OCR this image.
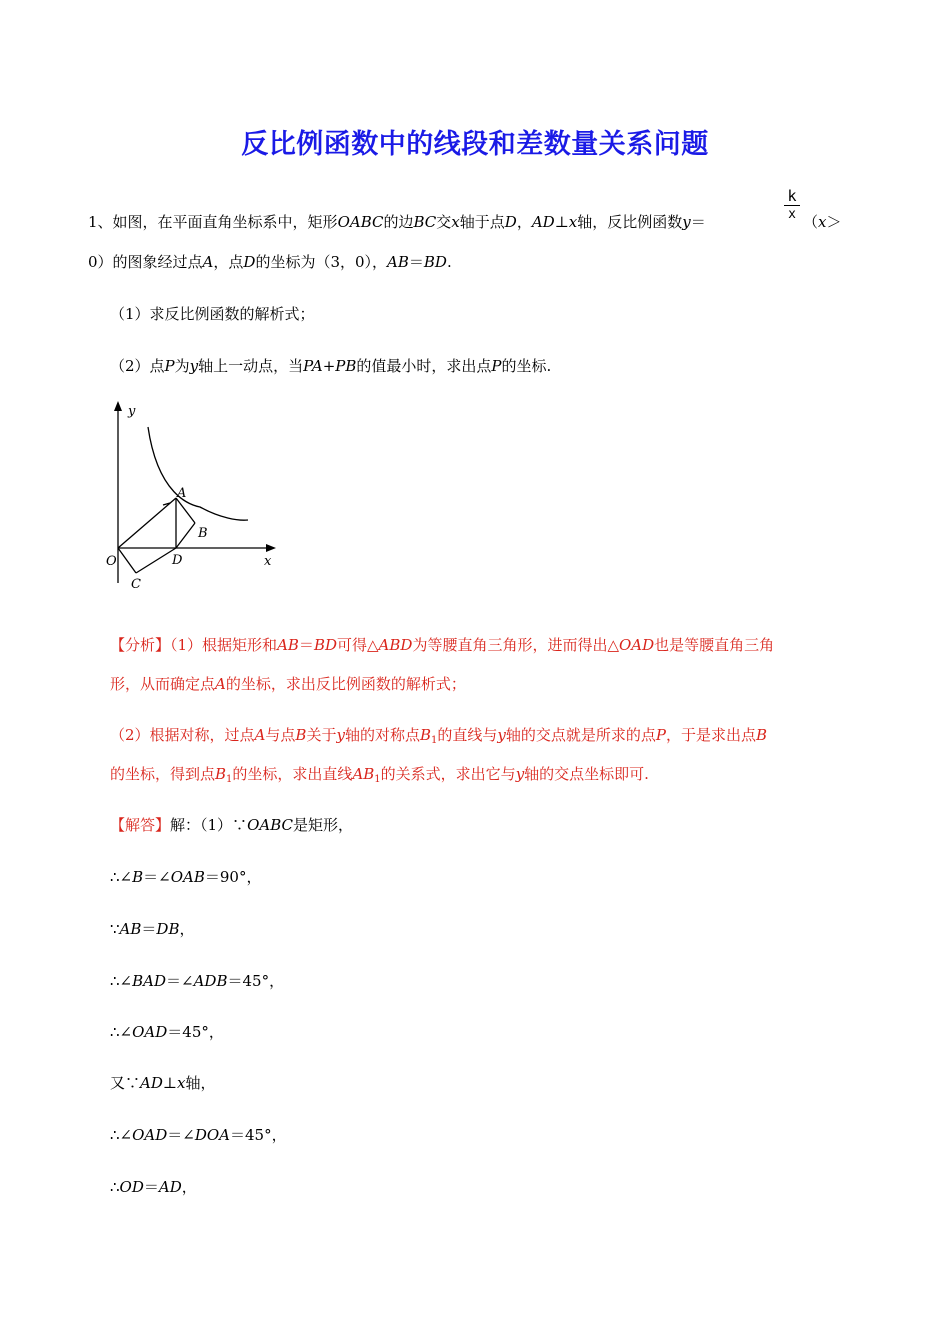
反比例函数中的线段和差数量关系问题
1、如图，在平面直角坐标系中，矩形OABC的边BC交x轴于点D，AD⊥x轴，反比例函数y＝	$\frac{k}{x} (x>$
0）的图象经过点A，点D的坐标为（3，0），AB＝BD.
（1）求反比例函数的解析式；
（2）点P为y轴上一动点，当PA+PB的值最小时，求出点P的坐标.
y
x
O
A
B
C
D
【分析】（1）根据矩形和AB＝BD可得△ABD为等腰直角三角形，进而得出△OAD也是等腰直角三角
形，从而确定点A的坐标，求出反比例函数的解析式；
（2）根据对称，过点A与点B关于y轴的对称点$B_1$的直线与y轴的交点就是所求的点P，于是求出点B
的坐标，得到点$B_1$的坐标，求出直线$AB_1$的关系式，求出它与y轴的交点坐标即可.
【解答】解：（1）∵OABC是矩形，
∴∠B＝∠OAB＝90°，
∵AB＝DB，
∴∠BAD＝∠ADB＝45°，
∴∠OAD＝45°，
又∵AD⊥x轴，
∴∠OAD＝∠DOA＝45°，
∴OD＝AD，
